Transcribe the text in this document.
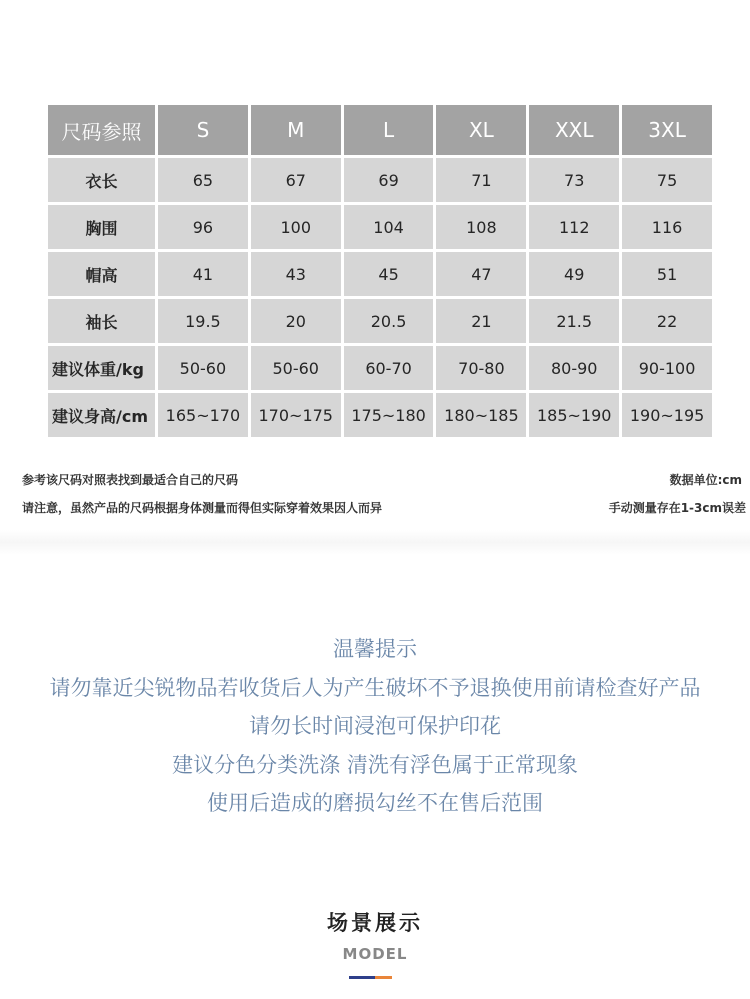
尺码参照	S	M	L	XL	XXL	3XL
衣长	65	67	69	71	73	75
胸围	96	100	104	108	112	116
帽高	41	43	45	47	49	51
袖长	19.5	20	20.5	21	21.5	22
建议体重/kg	50-60	50-60	60-70	70-80	80-90	90-100
建议身高/cm	165~170	170~175	175~180	180~185	185~190	190~195
参考该尺码对照表找到最适合自己的尺码
请注意，虽然产品的尺码根据身体测量而得但实际穿着效果因人而异
数据单位:cm
手动测量存在1-3cm误差
温馨提示
请勿靠近尖锐物品若收货后人为产生破坏不予退换使用前请检查好产品
请勿长时间浸泡可保护印花
建议分色分类洗涤 清洗有浮色属于正常现象
使用后造成的磨损勾丝不在售后范围
场景展示
MODEL
